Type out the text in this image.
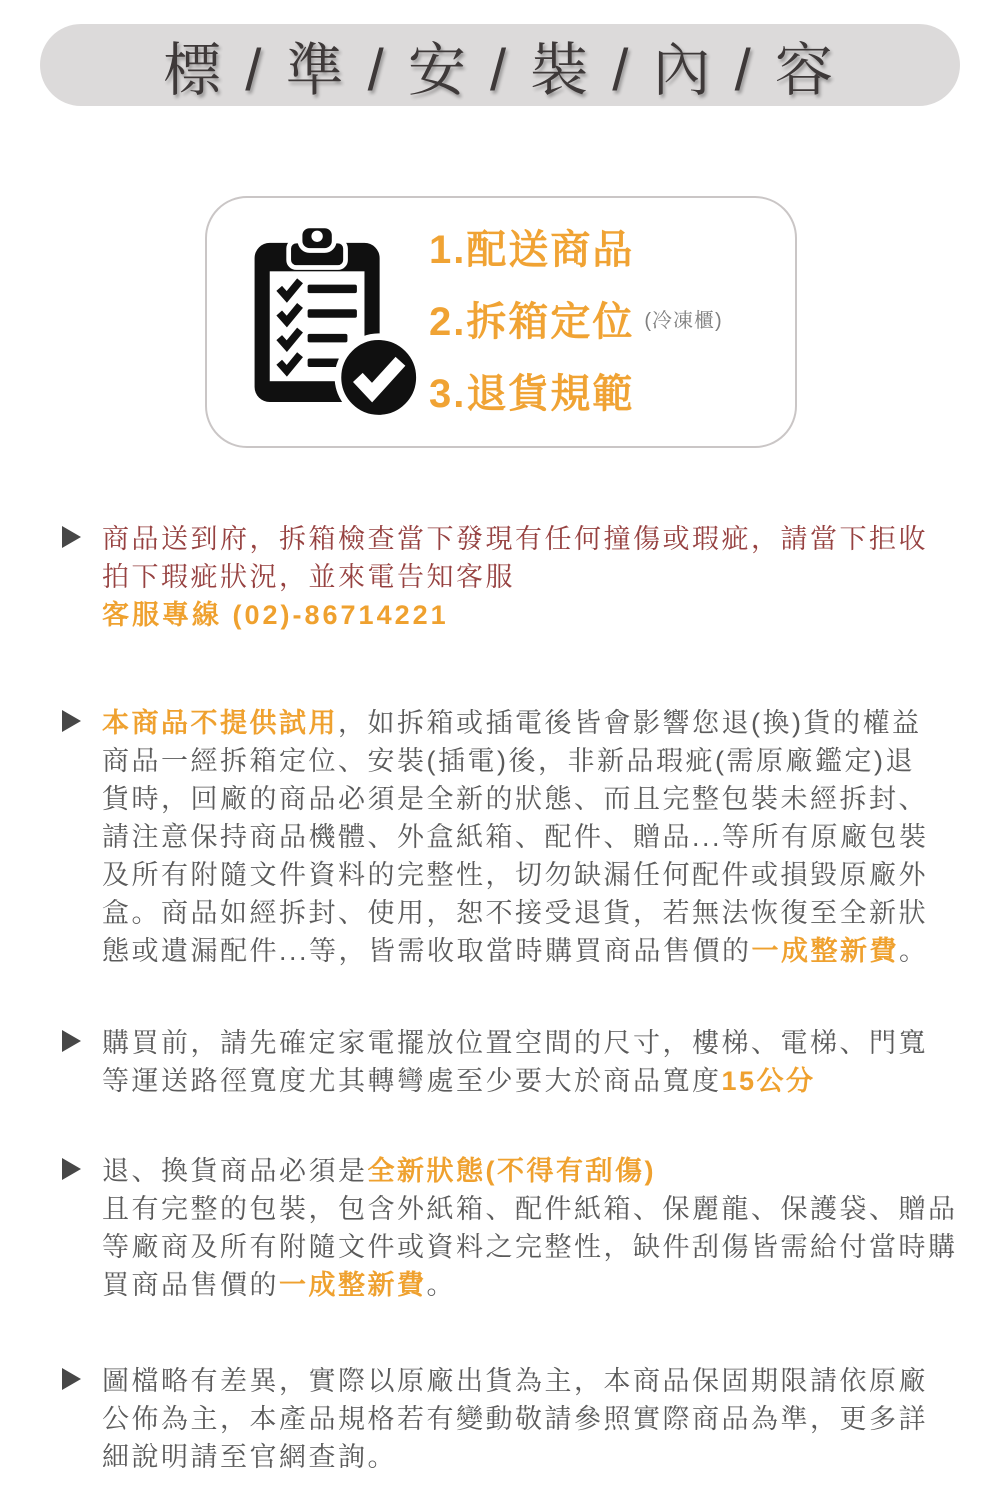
標 / 準 / 安 / 裝 / 內 / 容
1.配送商品
2.拆箱定位 (冷凍櫃)
3.退貨規範
商品送到府，拆箱檢查當下發現有任何撞傷或瑕疵，請當下拒收
拍下瑕疵狀況，並來電告知客服
客服專線 (02)-86714221
本商品不提供試用，如拆箱或插電後皆會影響您退(換)貨的權益
商品一經拆箱定位、安裝(插電)後，非新品瑕疵(需原廠鑑定)退
貨時，回廠的商品必須是全新的狀態、而且完整包裝未經拆封、
請注意保持商品機體、外盒紙箱、配件、贈品...等所有原廠包裝
及所有附隨文件資料的完整性，切勿缺漏任何配件或損毀原廠外
盒。商品如經拆封、使用，恕不接受退貨，若無法恢復至全新狀
態或遺漏配件...等，皆需收取當時購買商品售價的一成整新費。
購買前，請先確定家電擺放位置空間的尺寸，樓梯、電梯、門寬
等運送路徑寬度尤其轉彎處至少要大於商品寬度15公分
退、換貨商品必須是全新狀態(不得有刮傷)
且有完整的包裝，包含外紙箱、配件紙箱、保麗龍、保護袋、贈品
等廠商及所有附隨文件或資料之完整性，缺件刮傷皆需給付當時購
買商品售價的一成整新費。
圖檔略有差異，實際以原廠出貨為主，本商品保固期限請依原廠
公佈為主，本產品規格若有變動敬請參照實際商品為準，更多詳
細說明請至官網查詢。
